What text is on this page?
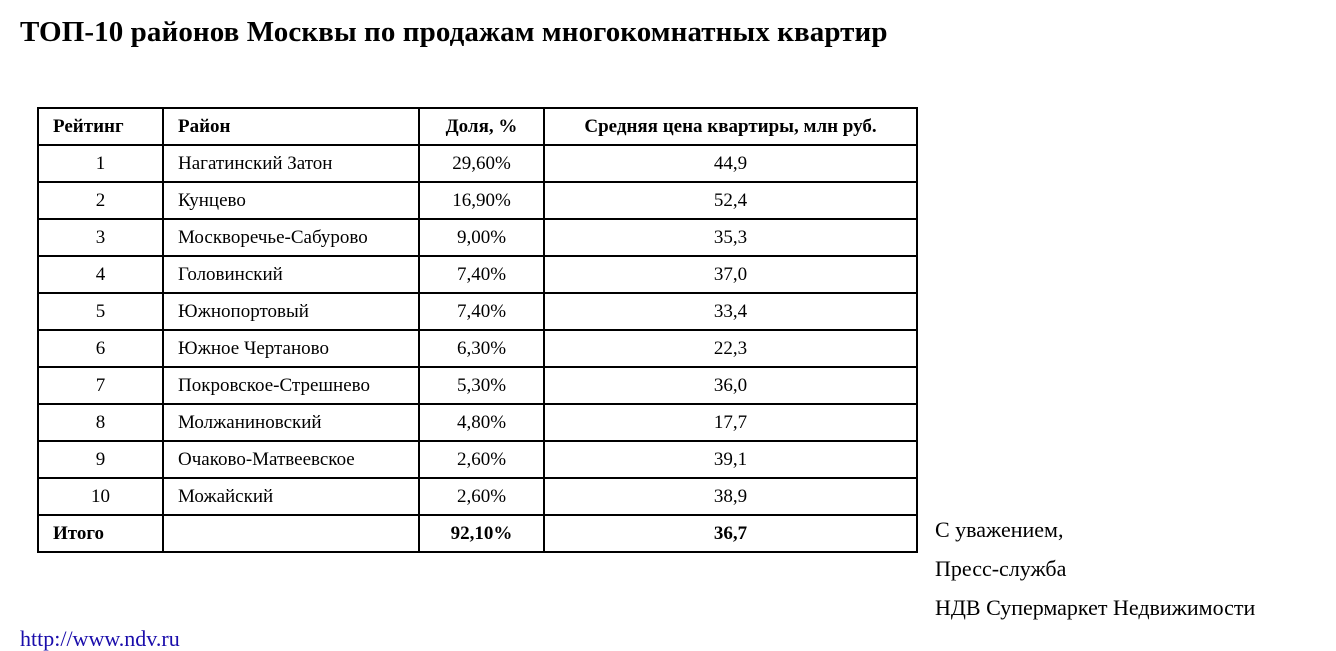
ТОП-10 районов Москвы по продажам многокомнатных квартир
Рейтинг	Район	Доля, %	Средняя цена квартиры, млн руб.
1	Нагатинский Затон	29,60%	44,9
2	Кунцево	16,90%	52,4
3	Москворечье-Сабурово	9,00%	35,3
4	Головинский	7,40%	37,0
5	Южнопортовый	7,40%	33,4
6	Южное Чертаново	6,30%	22,3
7	Покровское-Стрешнево	5,30%	36,0
8	Молжаниновский	4,80%	17,7
9	Очаково-Матвеевское	2,60%	39,1
10	Можайский	2,60%	38,9
Итого		92,10%	36,7	С уважением,
Пресс-служба
НДВ Супермаркет Недвижимости
http://www.ndv.ru
